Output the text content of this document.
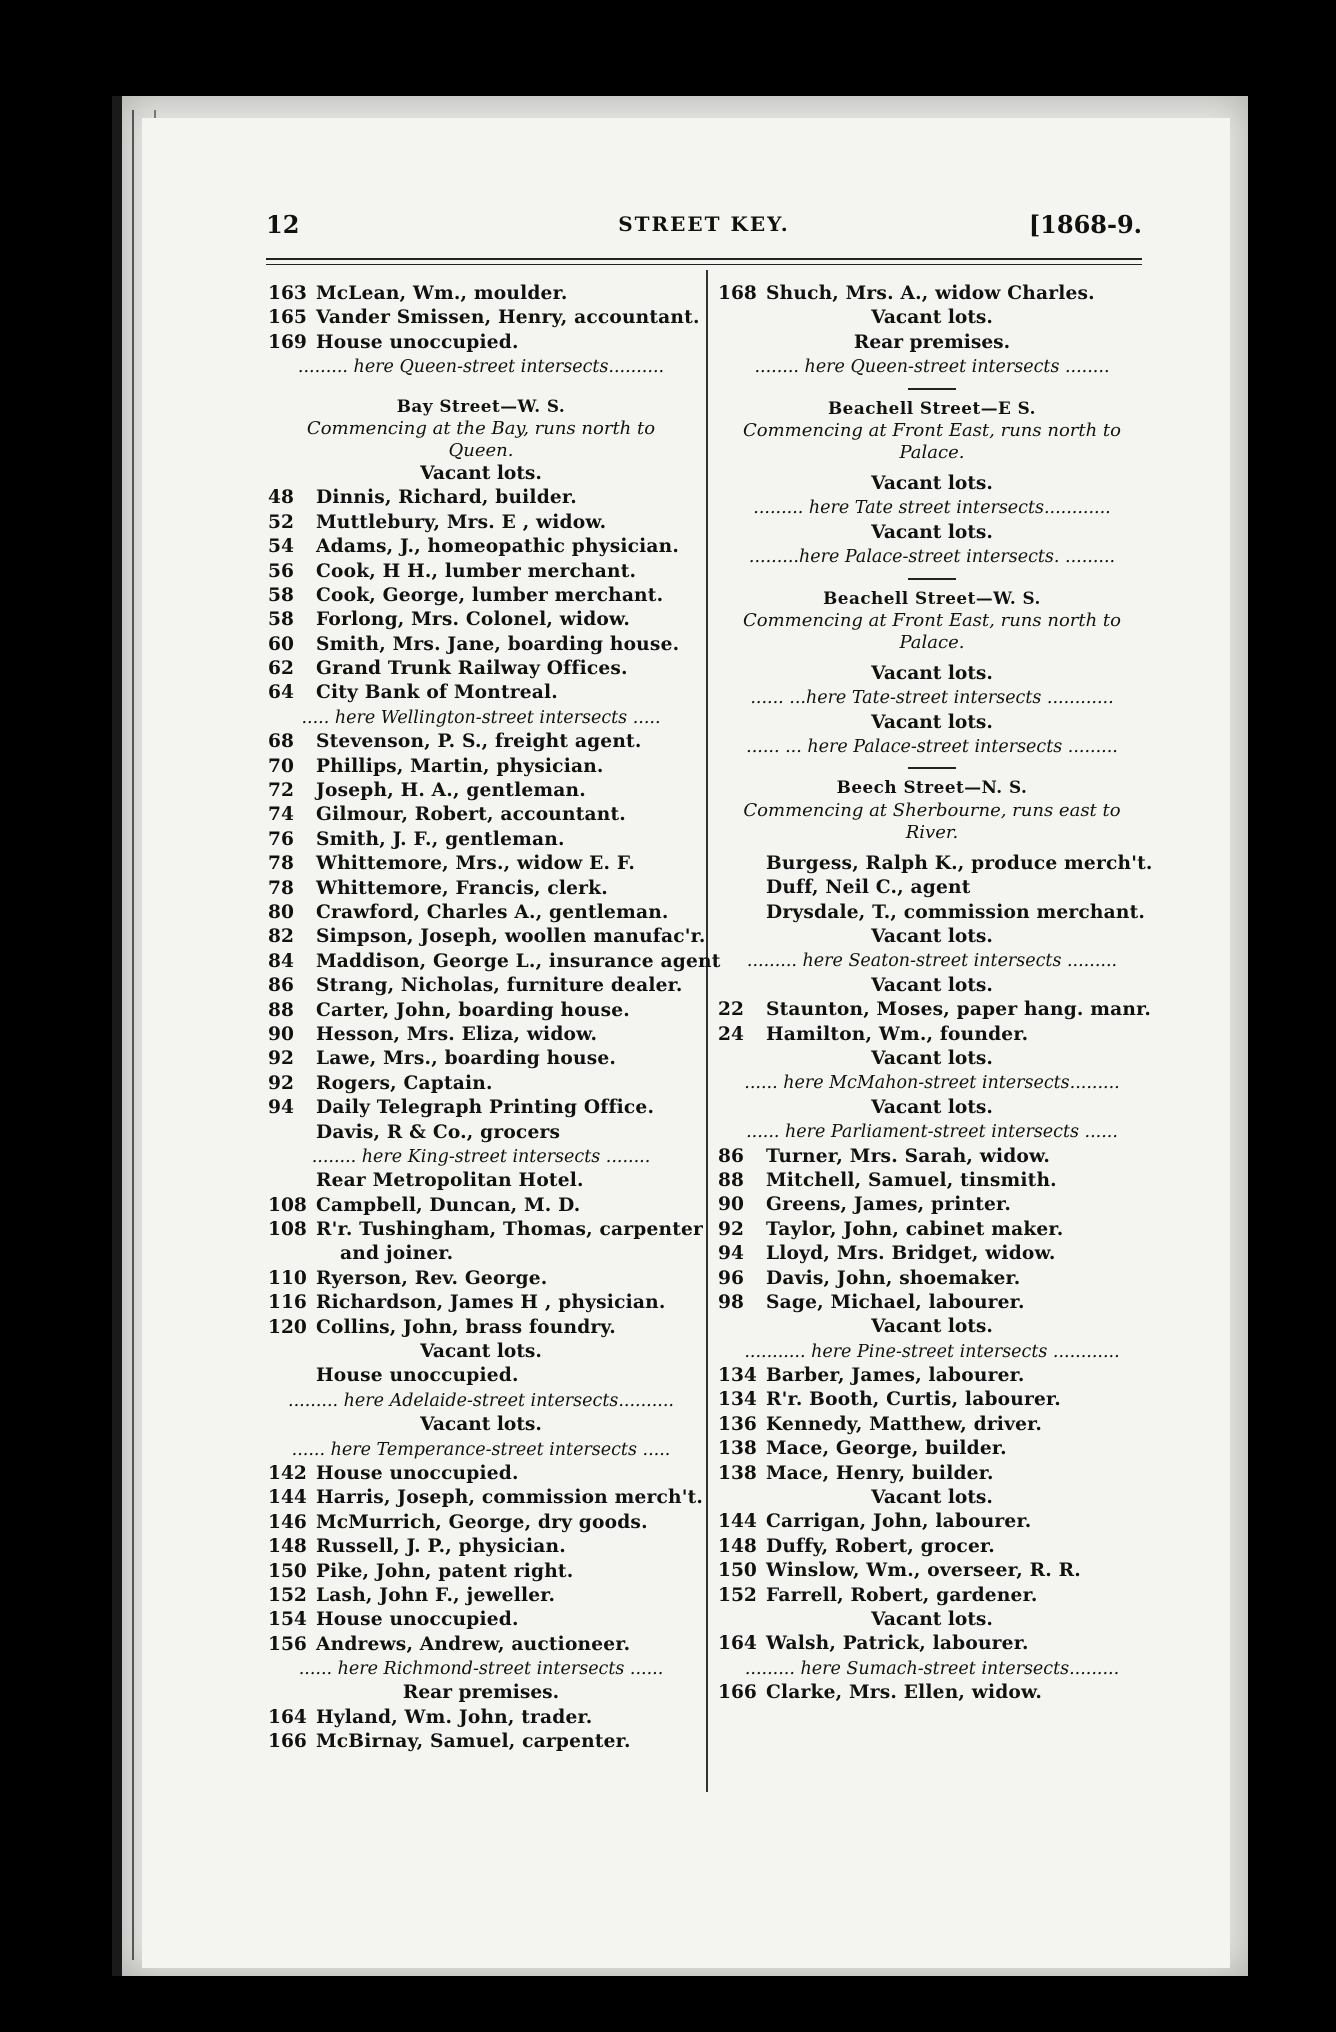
12	STREET KEY.	[1868-9.
163 McLean, Wm., moulder.
165 Vander Smissen, Henry, accountant.
169 House unoccupied.
......... here Queen-street intersects..........
Bay Street—W. S.
Commencing at the Bay, runs north to Queen.
Vacant lots.
48	Dinnis, Richard, builder.
52	Muttlebury, Mrs. E , widow.
54	Adams, J., homeopathic physician.
56	Cook, H H., lumber merchant.
58	Cook, George, lumber merchant.
58	Forlong, Mrs. Colonel, widow.
60	Smith, Mrs. Jane, boarding house.
62	Grand Trunk Railway Offices.
64	City Bank of Montreal.
..... here Wellington-street intersects .....
68	Stevenson, P. S., freight agent.
70	Phillips, Martin, physician.
72	Joseph, H. A., gentleman.
74	Gilmour, Robert, accountant.
76	Smith, J. F., gentleman.
78	Whittemore, Mrs., widow E. F.
78	Whittemore, Francis, clerk.
80	Crawford, Charles A., gentleman.
82	Simpson, Joseph, woollen manufac'r.
84	Maddison, George L., insurance agent
86	Strang, Nicholas, furniture dealer.
88	Carter, John, boarding house.
90	Hesson, Mrs. Eliza, widow.
92	Lawe, Mrs., boarding house.
92	Rogers, Captain.
94	Daily Telegraph Printing Office.
Davis, R & Co., grocers
........ here King-street intersects ........
Rear Metropolitan Hotel.
108 Campbell, Duncan, M. D.
108 R'r. Tushingham, Thomas, carpenter
and joiner.
110 Ryerson, Rev. George.
116 Richardson, James H , physician.
120 Collins, John, brass foundry.
Vacant lots.
House unoccupied.
......... here Adelaide-street intersects..........
Vacant lots.
...... here Temperance-street intersects .....
142 House unoccupied.
144 Harris, Joseph, commission merch't.
146 McMurrich, George, dry goods.
148 Russell, J. P., physician.
150 Pike, John, patent right.
152 Lash, John F., jeweller.
154 House unoccupied.
156 Andrews, Andrew, auctioneer.
...... here Richmond-street intersects ......
Rear premises.
164 Hyland, Wm. John, trader.
166 McBirnay, Samuel, carpenter.
168 Shuch, Mrs. A., widow Charles.
Vacant lots.
Rear premises.
........ here Queen-street intersects ........
Beachell Street—E S.
Commencing at Front East, runs north to Palace.
Vacant lots.
......... here Tate street intersects............
Vacant lots.
.........here Palace-street intersects. .........
Beachell Street—W. S.
Commencing at Front East, runs north to Palace.
Vacant lots.
...... ...here Tate-street intersects ............
Vacant lots.
...... ... here Palace-street intersects .........
Beech Street—N. S.
Commencing at Sherbourne, runs east to River.
Burgess, Ralph K., produce merch't.
Duff, Neil C., agent
Drysdale, T., commission merchant.
Vacant lots.
......... here Seaton-street intersects .........
Vacant lots.
22	Staunton, Moses, paper hang. manr.
24	Hamilton, Wm., founder.
Vacant lots.
...... here McMahon-street intersects.........
Vacant lots.
...... here Parliament-street intersects ......
86	Turner, Mrs. Sarah, widow.
88	Mitchell, Samuel, tinsmith.
90	Greens, James, printer.
92	Taylor, John, cabinet maker.
94	Lloyd, Mrs. Bridget, widow.
96	Davis, John, shoemaker.
98	Sage, Michael, labourer.
Vacant lots.
........... here Pine-street intersects ............
134 Barber, James, labourer.
134 R'r. Booth, Curtis, labourer.
136 Kennedy, Matthew, driver.
138 Mace, George, builder.
138 Mace, Henry, builder.
Vacant lots.
144 Carrigan, John, labourer.
148 Duffy, Robert, grocer.
150 Winslow, Wm., overseer, R. R.
152 Farrell, Robert, gardener.
Vacant lots.
164 Walsh, Patrick, labourer.
......... here Sumach-street intersects.........
166 Clarke, Mrs. Ellen, widow.
